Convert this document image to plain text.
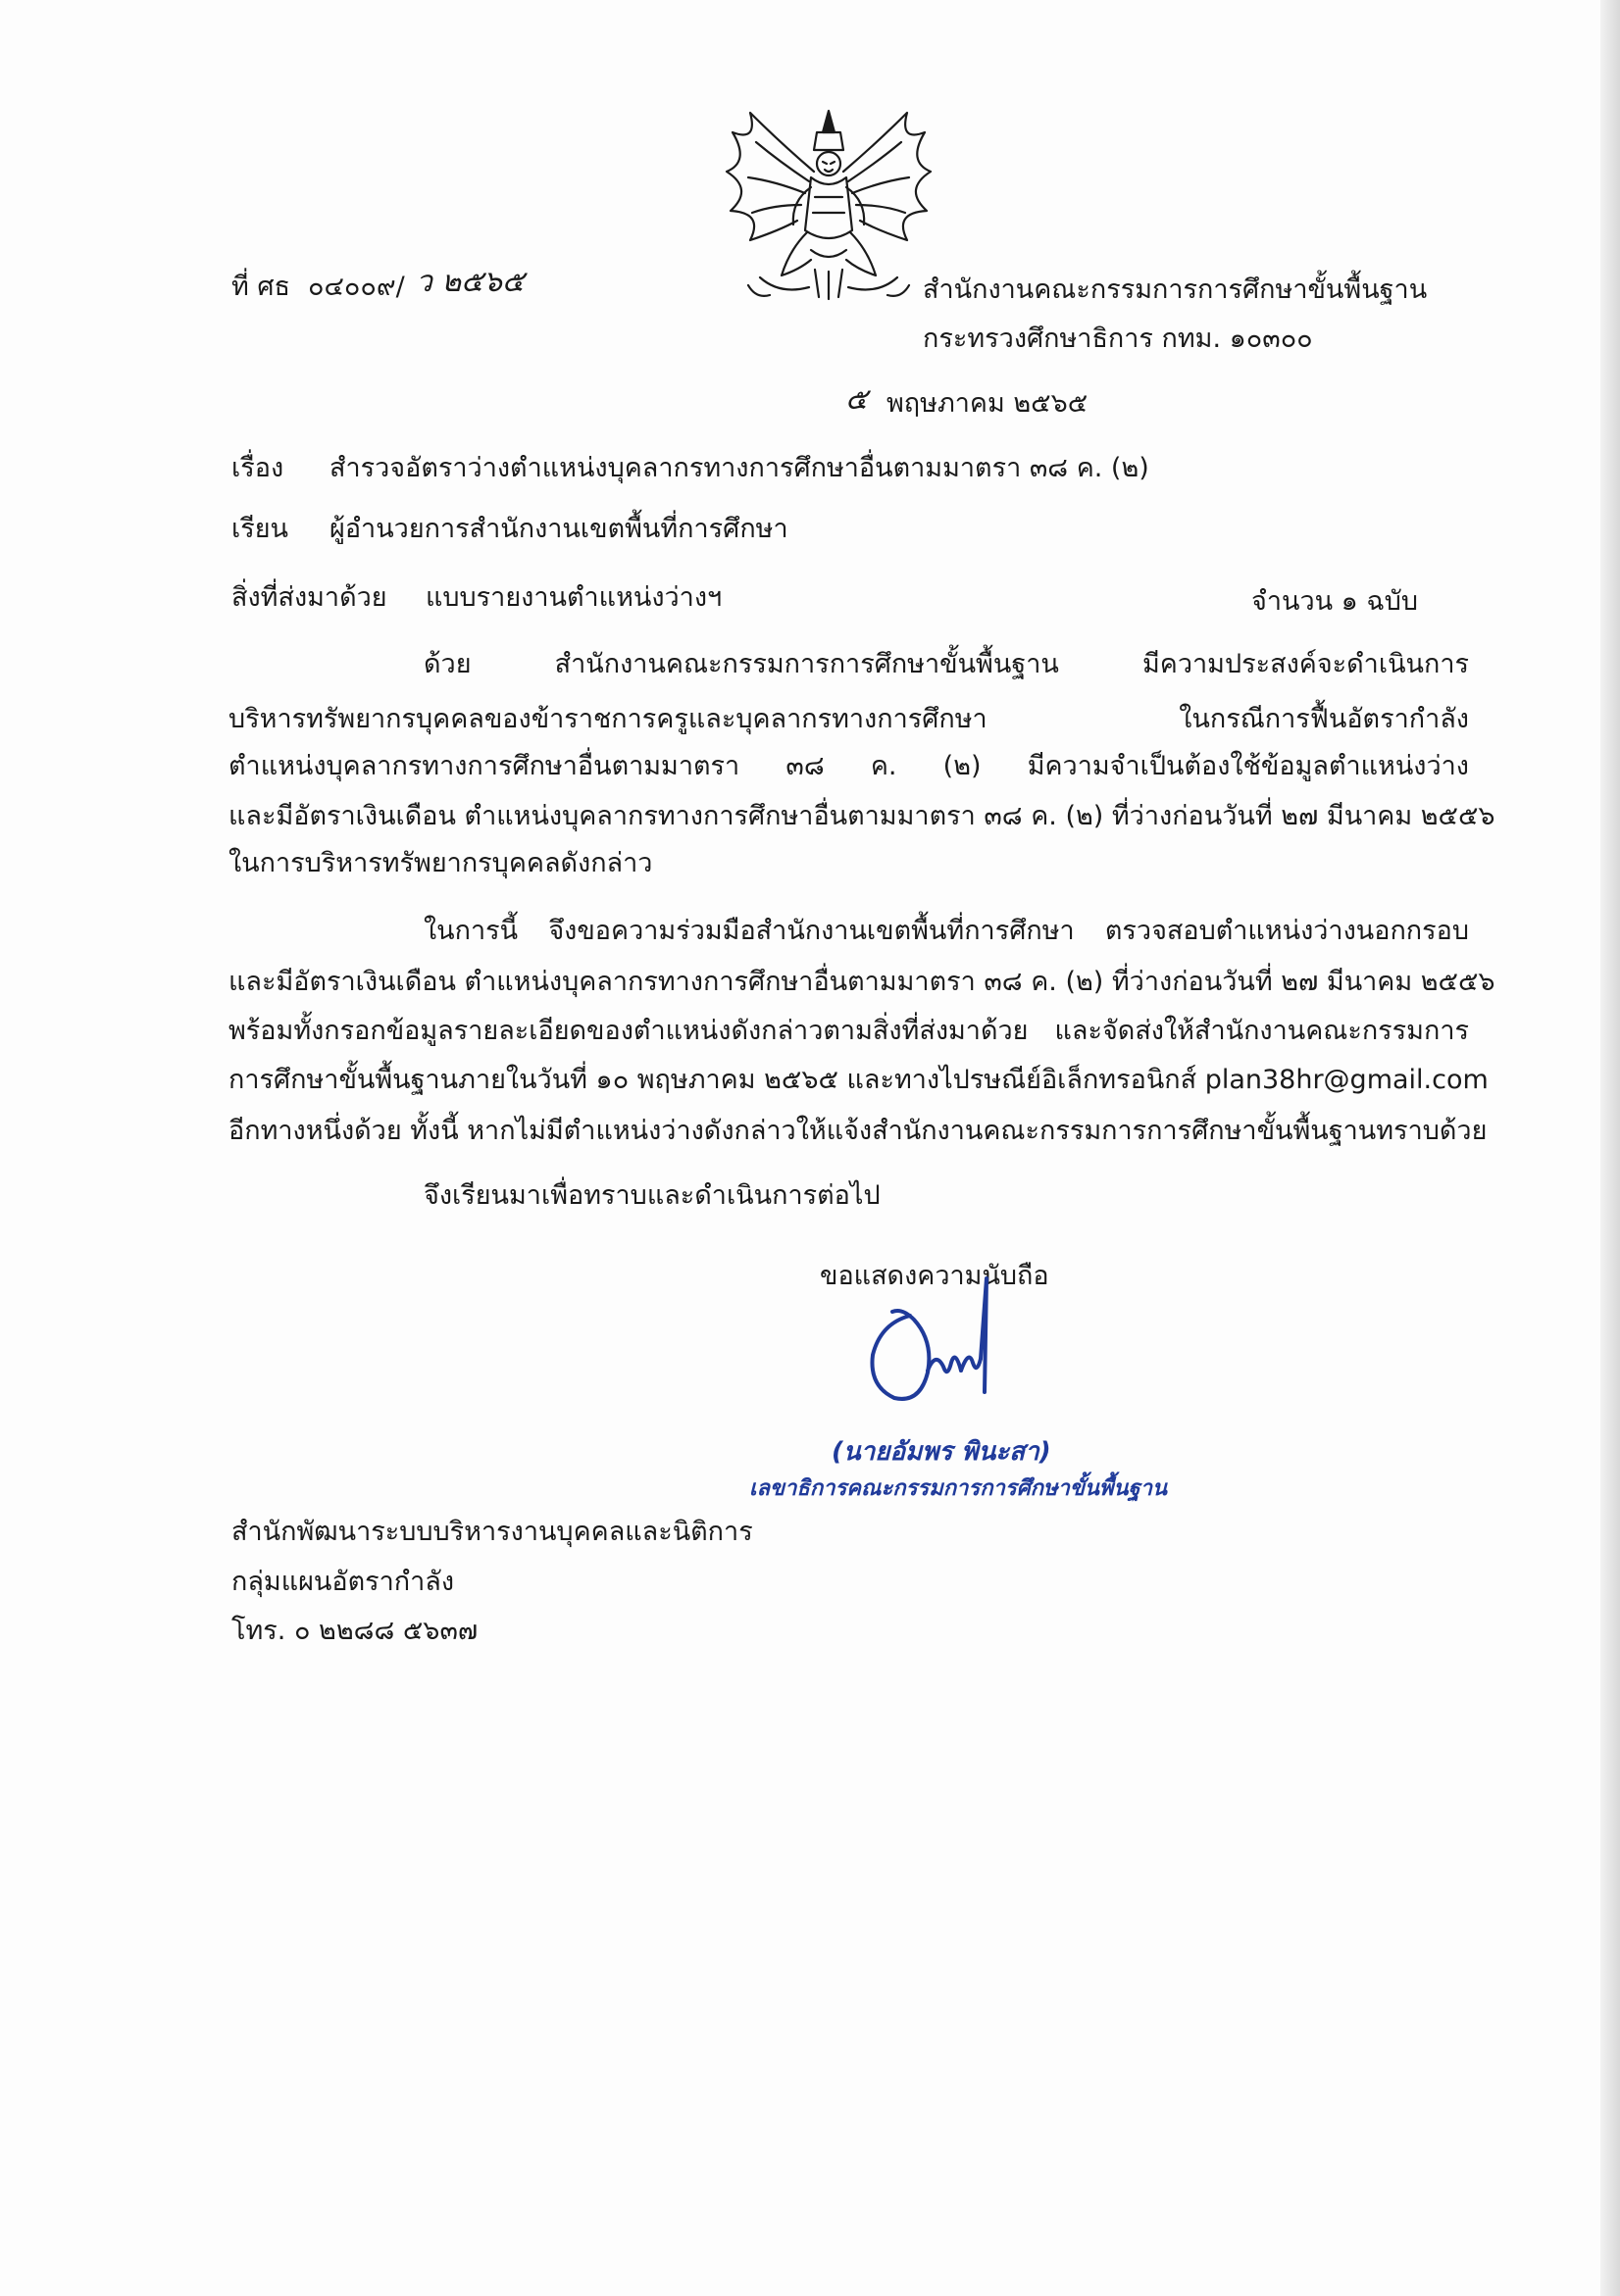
ที่ ศธ ๐๔๐๐๙/ ว ๒๕๖๕	สำนักงานคณะกรรมการการศึกษาขั้นพื้นฐาน
กระทรวงศึกษาธิการ กทม. ๑๐๓๐๐
๕ พฤษภาคม ๒๕๖๕
เรื่อง สำรวจอัตราว่างตำแหน่งบุคลากรทางการศึกษาอื่นตามมาตรา ๓๘ ค. (๒)
เรียน ผู้อำนวยการสำนักงานเขตพื้นที่การศึกษา
สิ่งที่ส่งมาด้วย แบบรายงานตำแหน่งว่างฯ	จำนวน ๑ ฉบับ
ด้วย สำนักงานคณะกรรมการการศึกษาขั้นพื้นฐาน มีความประสงค์จะดำเนินการ
บริหารทรัพยากรบุคคลของข้าราชการครูและบุคลากรทางการศึกษา ในกรณีการฟื้นอัตรากำลัง
ตำแหน่งบุคลากรทางการศึกษาอื่นตามมาตรา ๓๘ ค. (๒) มีความจำเป็นต้องใช้ข้อมูลตำแหน่งว่าง
และมีอัตราเงินเดือน ตำแหน่งบุคลากรทางการศึกษาอื่นตามมาตรา ๓๘ ค. (๒) ที่ว่างก่อนวันที่ ๒๗ มีนาคม ๒๕๕๖
ในการบริหารทรัพยากรบุคคลดังกล่าว
ในการนี้ จึงขอความร่วมมือสำนักงานเขตพื้นที่การศึกษา ตรวจสอบตำแหน่งว่างนอกกรอบ
และมีอัตราเงินเดือน ตำแหน่งบุคลากรทางการศึกษาอื่นตามมาตรา ๓๘ ค. (๒) ที่ว่างก่อนวันที่ ๒๗ มีนาคม ๒๕๕๖
พร้อมทั้งกรอกข้อมูลรายละเอียดของตำแหน่งดังกล่าวตามสิ่งที่ส่งมาด้วย และจัดส่งให้สำนักงานคณะกรรมการ
การศึกษาขั้นพื้นฐานภายในวันที่ ๑๐ พฤษภาคม ๒๕๖๕ และทางไปรษณีย์อิเล็กทรอนิกส์ plan38hr@gmail.com
อีกทางหนึ่งด้วย ทั้งนี้ หากไม่มีตำแหน่งว่างดังกล่าวให้แจ้งสำนักงานคณะกรรมการการศึกษาขั้นพื้นฐานทราบด้วย
จึงเรียนมาเพื่อทราบและดำเนินการต่อไป
ขอแสดงความนับถือ
(นายอัมพร พินะสา)
เลขาธิการคณะกรรมการการศึกษาขั้นพื้นฐาน
สำนักพัฒนาระบบบริหารงานบุคคลและนิติการ
กลุ่มแผนอัตรากำลัง
โทร. ๐ ๒๒๘๘ ๕๖๓๗
